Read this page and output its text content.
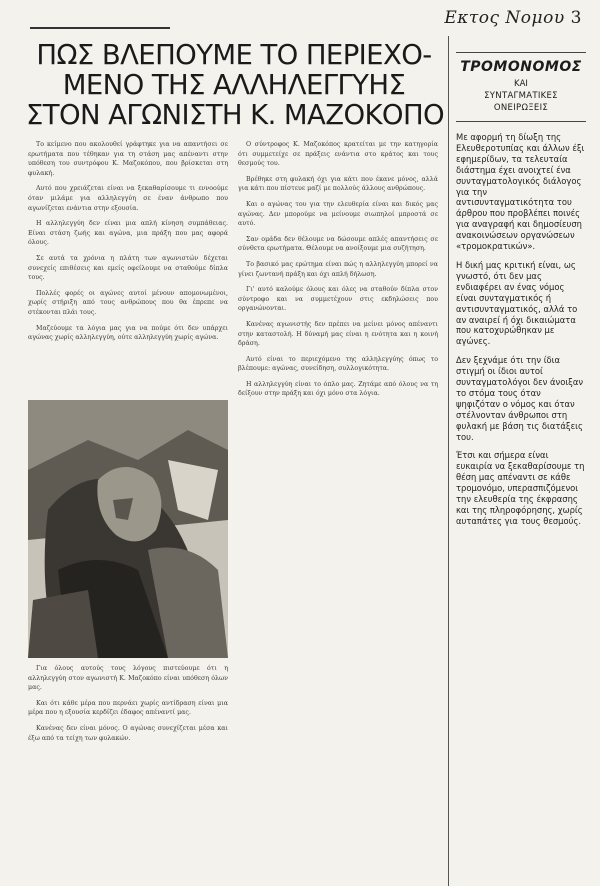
Εκτος Νομου 3
ΠΩΣ ΒΛΕΠΟΥΜΕ ΤΟ ΠΕΡΙΕΧΟ-
ΜΕΝΟ ΤΗΣ ΑΛΛΗΛΕΓΓΥΗΣ
ΣΤΟΝ ΑΓΩΝΙΣΤΗ Κ. ΜΑΖΟΚΟΠΟ

Το κείμενο που ακολουθεί γράφτηκε για να απαντήσει σε ερωτήματα που τέθηκαν για τη στάση μας απέναντι στην υπόθεση του συντρόφου Κ. Μαζοκόπου, που βρίσκεται στη φυλακή.

Αυτό που χρειάζεται είναι να ξεκαθαρίσουμε τι εννοούμε όταν μιλάμε για αλληλεγγύη σε έναν άνθρωπο που αγωνίζεται ενάντια στην εξουσία.

Η αλληλεγγύη δεν είναι μια απλή κίνηση συμπάθειας. Είναι στάση ζωής και αγώνα, μια πράξη που μας αφορά όλους.

Σε αυτά τα χρόνια η πλάτη των αγωνιστών δέχεται συνεχείς επιθέσεις και εμείς οφείλουμε να σταθούμε δίπλα τους.

Πολλές φορές οι αγώνες αυτοί μένουν απομονωμένοι, χωρίς στήριξη από τους ανθρώπους που θα έπρεπε να στέκονται πλάι τους.

Μαζεύουμε τα λόγια μας για να πούμε ότι δεν υπάρχει αγώνας χωρίς αλληλεγγύη, ούτε αλληλεγγύη χωρίς αγώνα.

Ο σύντροφος Κ. Μαζοκόπος κρατείται με την κατηγορία ότι συμμετείχε σε πράξεις ενάντια στο κράτος και τους θεσμούς του.

Βρέθηκε στη φυλακή όχι για κάτι που έκανε μόνος, αλλά για κάτι που πίστευε μαζί με πολλούς άλλους ανθρώπους.

Και ο αγώνας του για την ελευθερία είναι και δικός μας αγώνας. Δεν μπορούμε να μείνουμε σιωπηλοί μπροστά σε αυτό.

Σαν ομάδα δεν θέλουμε να δώσουμε απλές απαντήσεις σε σύνθετα ερωτήματα. Θέλουμε να ανοίξουμε μια συζήτηση.

Το βασικό μας ερώτημα είναι πώς η αλληλεγγύη μπορεί να γίνει ζωντανή πράξη και όχι απλή δήλωση.

Γι' αυτό καλούμε όλους και όλες να σταθούν δίπλα στον σύντροφο και να συμμετέχουν στις εκδηλώσεις που οργανώνονται.

Κανένας αγωνιστής δεν πρέπει να μείνει μόνος απέναντι στην καταστολή. Η δύναμή μας είναι η ενότητα και η κοινή δράση.

Αυτό είναι το περιεχόμενο της αλληλεγγύης όπως το βλέπουμε: αγώνας, συνείδηση, συλλογικότητα.

Η αλληλεγγύη είναι το όπλο μας. Ζητάμε από όλους να τη δείξουν στην πράξη και όχι μόνο στα λόγια.

Για όλους αυτούς τους λόγους πιστεύουμε ότι η αλληλεγγύη στον αγωνιστή Κ. Μαζοκόπο είναι υπόθεση όλων μας.

Και ότι κάθε μέρα που περνάει χωρίς αντίδραση είναι μια μέρα που η εξουσία κερδίζει έδαφος απέναντί μας.

Κανένας δεν είναι μόνος. Ο αγώνας συνεχίζεται μέσα και έξω από τα τείχη των φυλακών.

ΤΡΟΜΟΝΟΜΟΣ
ΚΑΙ
ΣΥΝΤΑΓΜΑΤΙΚΕΣ
ΟΝΕΙΡΩΞΕΙΣ

Με αφορμή τη δίωξη της Ελευθεροτυπίας και άλλων έξι εφημερίδων, τα τελευταία διάστημα έχει ανοιχτεί ένα συνταγματολογικός διάλογος για την αντισυνταγματικότητα του άρθρου που προβλέπει ποινές για αναγραφή και δημοσίευση ανακοινώσεων οργανώσεων «τρομοκρατικών».

Η δική μας κριτική είναι, ως γνωστό, ότι δεν μας ενδιαφέρει αν ένας νόμος είναι συνταγματικός ή αντισυνταγματικός, αλλά το αν αναιρεί ή όχι δικαιώματα που κατοχυρώθηκαν με αγώνες.

Δεν ξεχνάμε ότι την ίδια στιγμή οι ίδιοι αυτοί συνταγματολόγοι δεν άνοιξαν το στόμα τους όταν ψηφιζόταν ο νόμος και όταν στέλνονταν άνθρωποι στη φυλακή με βάση τις διατάξεις του.

Έτσι και σήμερα είναι ευκαιρία να ξεκαθαρίσουμε τη θέση μας απέναντι σε κάθε τρομονόμο, υπερασπιζόμενοι την ελευθερία της έκφρασης και της πληροφόρησης, χωρίς αυταπάτες για τους θεσμούς.
